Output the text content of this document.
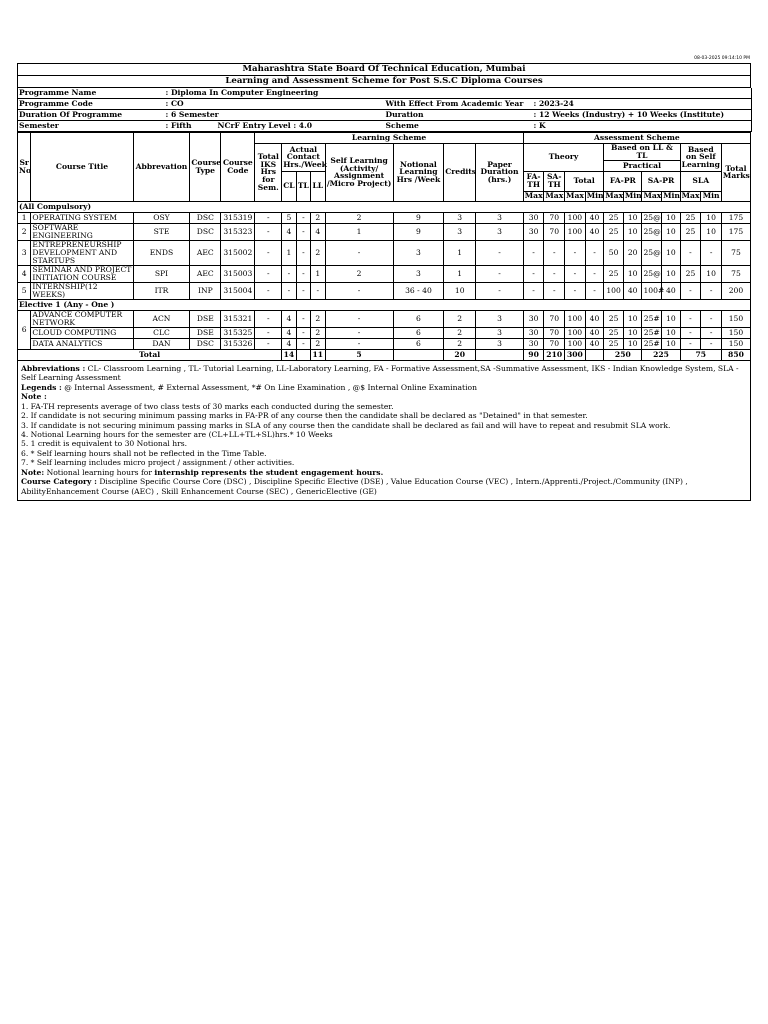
08-03-2025 09:14:10 PM
Maharashtra State Board Of Technical Education, Mumbai
Learning and Assessment Scheme for Post S.S.C Diploma Courses
Programme Name	: Diploma In Computer Engineering		
Programme Code	: CO	With Effect From Academic Year	: 2023-24
Duration Of Programme	: 6 Semester	Duration	: 12 Weeks (Industry) + 10 Weeks (Institute)
Semester	: Fifth NCrF Entry Level : 4.0	Scheme	: K
Sr No	Course Title	Abbrevation	Course Type	Course Code	Learning Scheme								Assessment Scheme										
					Total IKS Hrs for Sem.	Actual Contact Hrs./Week			Self Learning (Activity/ Assignment /Micro Project)	Notional Learning Hrs /Week	Credits	Paper Duration (hrs.)	Theory				Based on LL & TL				Based on Self Learning		Total Marks
																	Practical						
						CL	TL	LL					FA-TH	SA-TH	Total		FA-PR		SA-PR		SLA		
													Max	Max	Max	Min	Max	Min	Max	Min	Max	Min	
(All Compulsory)																							
1	OPERATING SYSTEM	OSY	DSC	315319	-	5	-	2	2	9	3	3	30	70	100	40	25	10	25@	10	25	10	175
2	SOFTWARE ENGINEERING	STE	DSC	315323	-	4	-	4	1	9	3	3	30	70	100	40	25	10	25@	10	25	10	175
3	ENTREPRENEURSHIP DEVELOPMENT AND STARTUPS	ENDS	AEC	315002	-	1	-	2	-	3	1	-	-	-	-	-	50	20	25@	10	-	-	75
4	SEMINAR AND PROJECT INITIATION COURSE	SPI	AEC	315003	-	-	-	1	2	3	1	-	-	-	-	-	25	10	25@	10	25	10	75
5	INTERNSHIP(12 WEEKS)	ITR	INP	315004	-	-	-	-	-	36 - 40	10	-	-	-	-	-	100	40	100#	40	-	-	200
Elective 1 (Any - One )																							
6	ADVANCE COMPUTER NETWORK	ACN	DSE	315321	-	4	-	2	-	6	2	3	30	70	100	40	25	10	25#	10	-	-	150
	CLOUD COMPUTING	CLC	DSE	315325	-	4	-	2	-	6	2	3	30	70	100	40	25	10	25#	10	-	-	150
	DATA ANALYTICS	DAN	DSC	315326	-	4	-	2	-	6	2	3	30	70	100	40	25	10	25#	10	-	-	150
Total						14		11	5		20		90	210	300		250		225		75		850
Abbreviations : CL- Classroom Learning , TL- Tutorial Learning, LL-Laboratory Learning, FA - Formative Assessment,SA -Summative Assessment, IKS - Indian Knowledge System, SLA - Self Learning Assessment
Legends : @ Internal Assessment, # External Assessment, *# On Line Examination , @$ Internal Online Examination
Note :
1. FA-TH represents average of two class tests of 30 marks each conducted during the semester.
2. If candidate is not securing minimum passing marks in FA-PR of any course then the candidate shall be declared as "Detained" in that semester.
3. If candidate is not securing minimum passing marks in SLA of any course then the candidate shall be declared as fail and will have to repeat and resubmit SLA work.
4. Notional Learning hours for the semester are (CL+LL+TL+SL)hrs.* 10 Weeks
5. 1 credit is equivalent to 30 Notional hrs.
6. * Self learning hours shall not be reflected in the Time Table.
7. * Self learning includes micro project / assignment / other activities.
Note: Notional learning hours for internship represents the student engagement hours.
Course Category : Discipline Specific Course Core (DSC) , Discipline Specific Elective (DSE) , Value Education Course (VEC) , Intern./Apprenti./Project./Community (INP) , AbilityEnhancement Course (AEC) , Skill Enhancement Course (SEC) , GenericElective (GE)
